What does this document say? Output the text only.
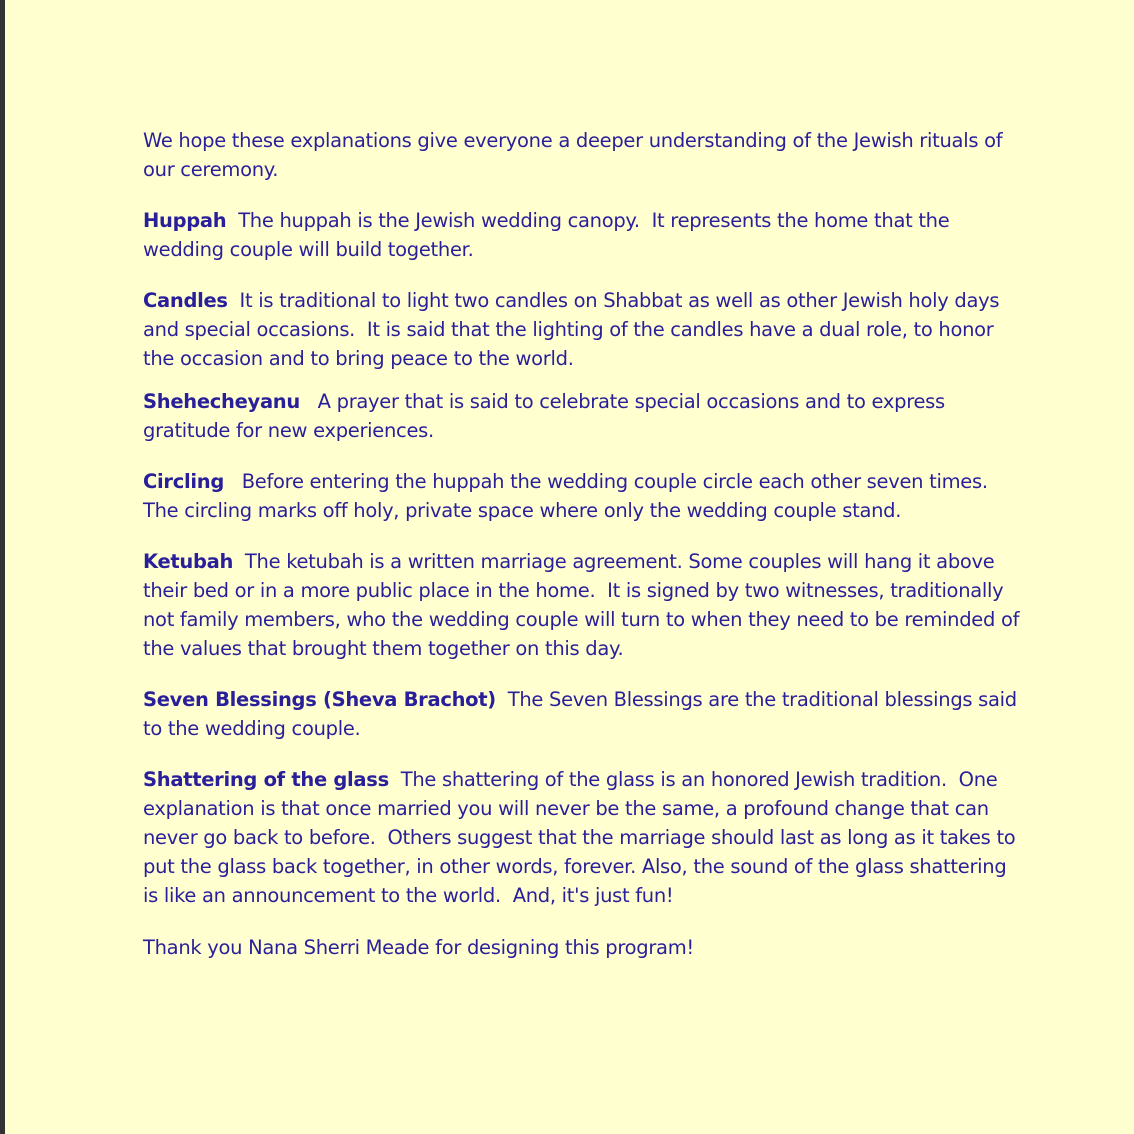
We hope these explanations give everyone a deeper understanding of the Jewish rituals of our ceremony.

Huppah The huppah is the Jewish wedding canopy.  It represents the home that the wedding couple will build together.

Candles It is traditional to light two candles on Shabbat as well as other Jewish holy days and special occasions.  It is said that the lighting of the candles have a dual role, to honor the occasion and to bring peace to the world.

Shehecheyanu A prayer that is said to celebrate special occasions and to express gratitude for new experiences.

Circling Before entering the huppah the wedding couple circle each other seven times. The circling marks off holy, private space where only the wedding couple stand.

Ketubah The ketubah is a written marriage agreement. Some couples will hang it above their bed or in a more public place in the home.  It is signed by two witnesses, traditionally not family members, who the wedding couple will turn to when they need to be reminded of the values that brought them together on this day.

Seven Blessings (Sheva Brachot) The Seven Blessings are the traditional blessings said to the wedding couple.

Shattering of the glass The shattering of the glass is an honored Jewish tradition.  One explanation is that once married you will never be the same, a profound change that can never go back to before.  Others suggest that the marriage should last as long as it takes to put the glass back together, in other words, forever. Also, the sound of the glass shattering is like an announcement to the world.  And, it's just fun!

Thank you Nana Sherri Meade for designing this program!
